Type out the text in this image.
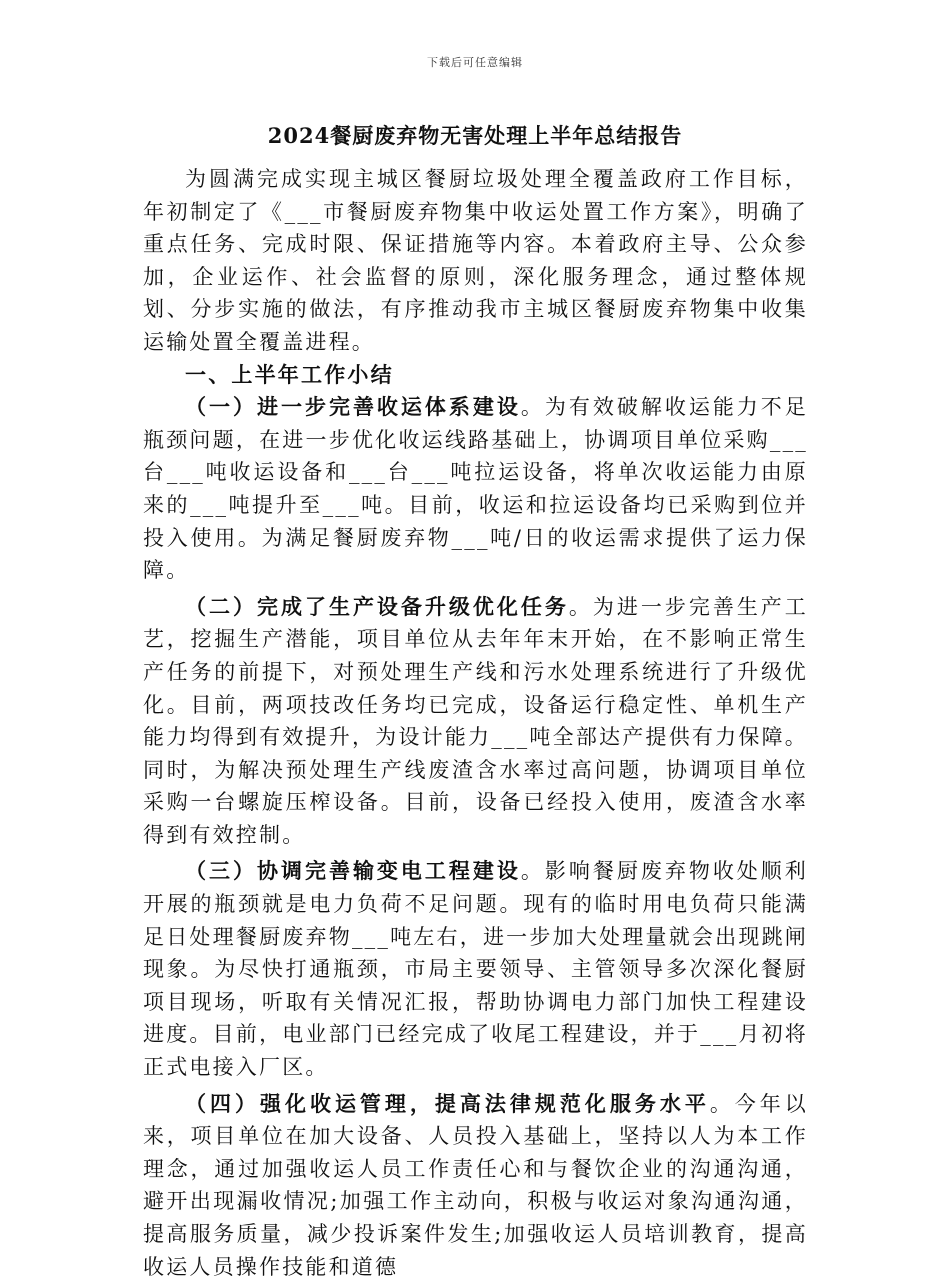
下载后可任意编辑
2024餐厨废弃物无害处理上半年总结报告

为圆满完成实现主城区餐厨垃圾处理全覆盖政府工作目标，年初制定了《___市餐厨废弃物集中收运处置工作方案》，明确了重点任务、完成时限、保证措施等内容。本着政府主导、公众参加，企业运作、社会监督的原则，深化服务理念，通过整体规划、分步实施的做法，有序推动我市主城区餐厨废弃物集中收集运输处置全覆盖进程。

一、上半年工作小结

（一）进一步完善收运体系建设。为有效破解收运能力不足瓶颈问题，在进一步优化收运线路基础上，协调项目单位采购___台___吨收运设备和___台___吨拉运设备，将单次收运能力由原来的___吨提升至___吨。目前，收运和拉运设备均已采购到位并投入使用。为满足餐厨废弃物___吨/日的收运需求提供了运力保障。

（二）完成了生产设备升级优化任务。为进一步完善生产工艺，挖掘生产潜能，项目单位从去年年末开始，在不影响正常生产任务的前提下，对预处理生产线和污水处理系统进行了升级优化。目前，两项技改任务均已完成，设备运行稳定性、单机生产能力均得到有效提升，为设计能力___吨全部达产提供有力保障。同时，为解决预处理生产线废渣含水率过高问题，协调项目单位采购一台螺旋压榨设备。目前，设备已经投入使用，废渣含水率得到有效控制。

（三）协调完善输变电工程建设。影响餐厨废弃物收处顺利开展的瓶颈就是电力负荷不足问题。现有的临时用电负荷只能满足日处理餐厨废弃物___吨左右，进一步加大处理量就会出现跳闸现象。为尽快打通瓶颈，市局主要领导、主管领导多次深化餐厨项目现场，听取有关情况汇报，帮助协调电力部门加快工程建设进度。目前，电业部门已经完成了收尾工程建设，并于___月初将正式电接入厂区。

（四）强化收运管理，提高法律规范化服务水平。今年以来，项目单位在加大设备、人员投入基础上，坚持以人为本工作理念，通过加强收运人员工作责任心和与餐饮企业的沟通沟通，避开出现漏收情况;加强工作主动向，积极与收运对象沟通沟通，提高服务质量，减少投诉案件发生;加强收运人员培训教育，提高收运人员操作技能和道德
